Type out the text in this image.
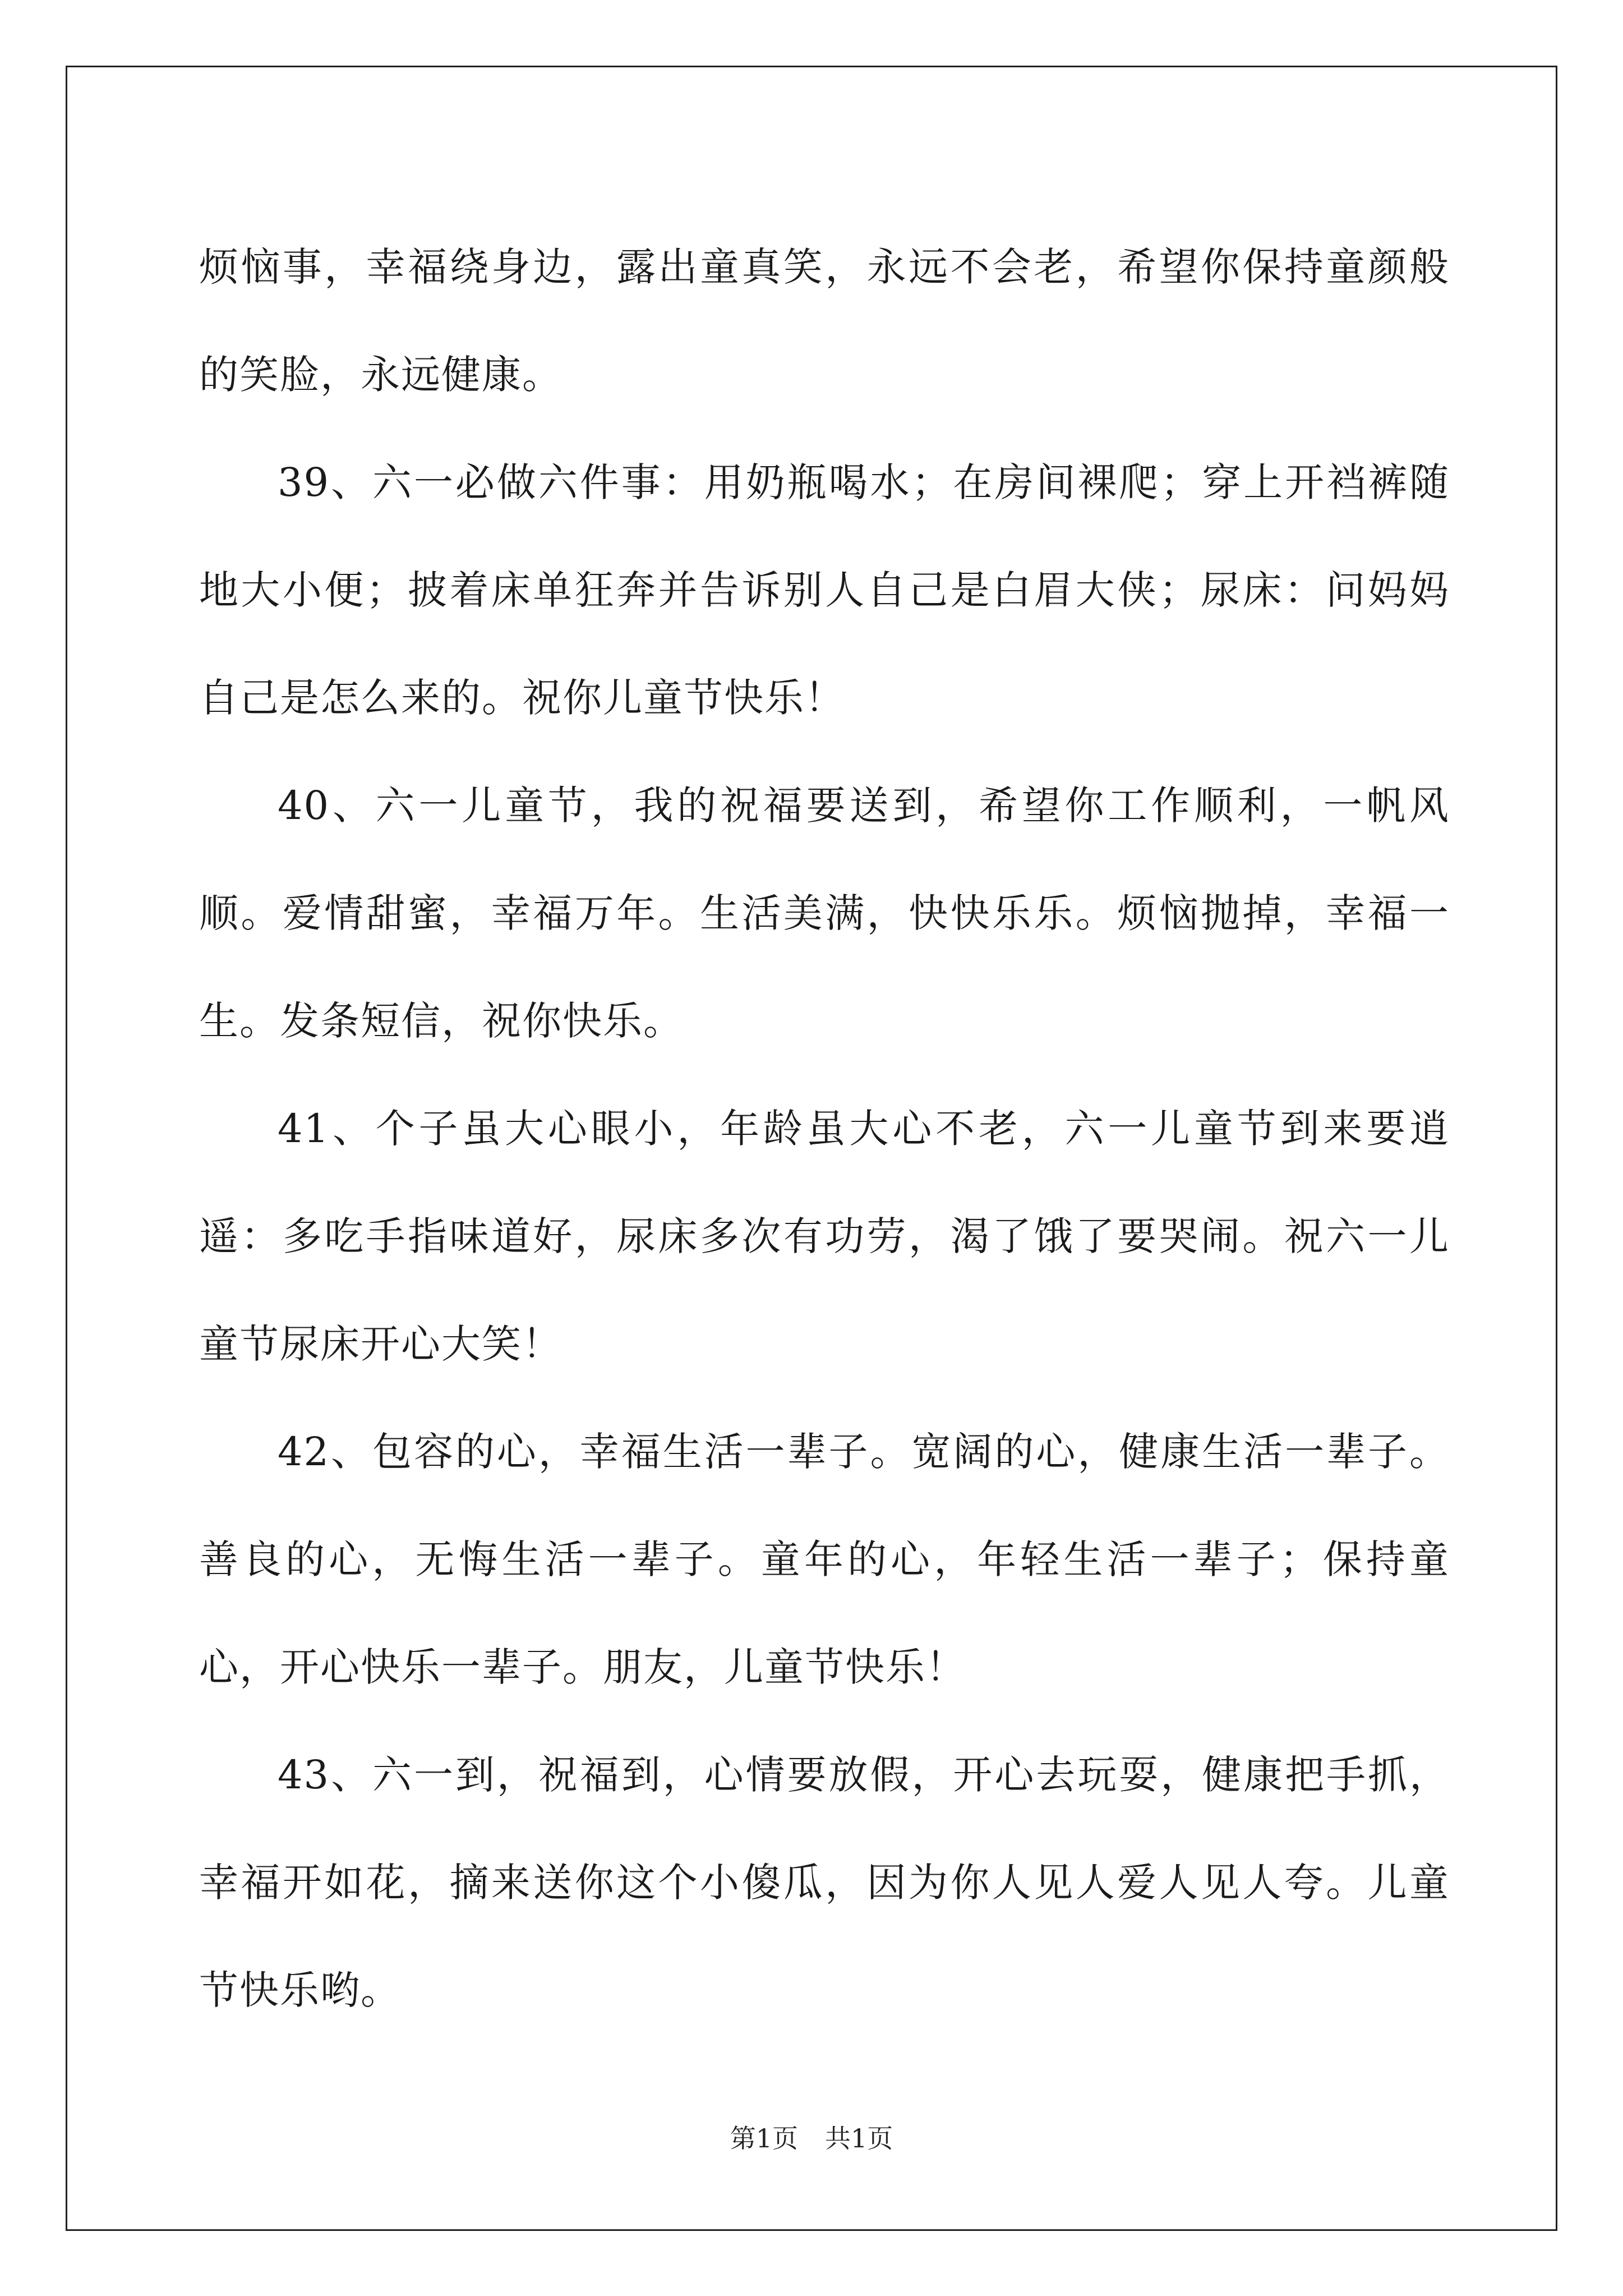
烦恼事，幸福绕身边，露出童真笑，永远不会老，希望你保持童颜般的笑脸，永远健康。

39、六一必做六件事：用奶瓶喝水；在房间裸爬；穿上开裆裤随地大小便；披着床单狂奔并告诉别人自己是白眉大侠；尿床：问妈妈自己是怎么来的。祝你儿童节快乐！

40、六一儿童节，我的祝福要送到，希望你工作顺利，一帆风顺。爱情甜蜜，幸福万年。生活美满，快快乐乐。烦恼抛掉，幸福一生。发条短信，祝你快乐。

41、个子虽大心眼小，年龄虽大心不老，六一儿童节到来要逍遥：多吃手指味道好，尿床多次有功劳，渴了饿了要哭闹。祝六一儿童节尿床开心大笑！

42、包容的心，幸福生活一辈子。宽阔的心，健康生活一辈子。善良的心，无悔生活一辈子。童年的心，年轻生活一辈子；保持童心，开心快乐一辈子。朋友，儿童节快乐！

43、六一到，祝福到，心情要放假，开心去玩耍，健康把手抓，幸福开如花，摘来送你这个小傻瓜，因为你人见人爱人见人夸。儿童节快乐哟。

第1页 共1页
